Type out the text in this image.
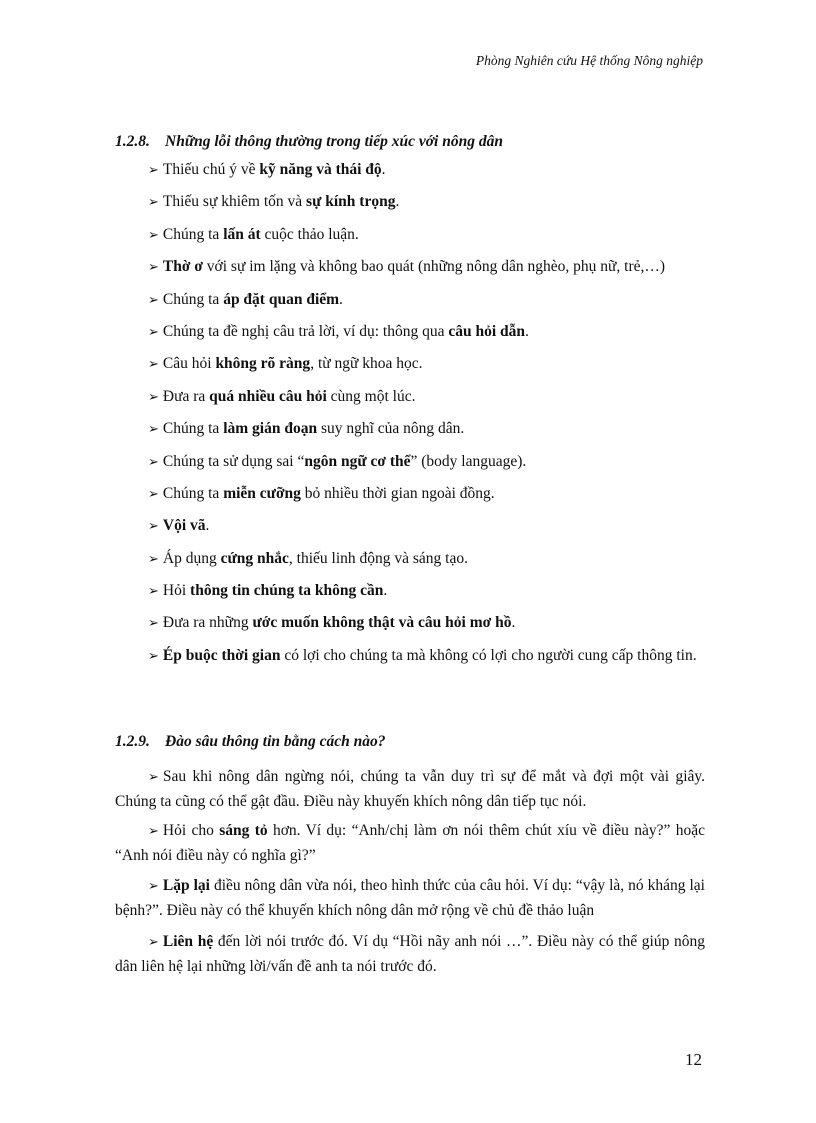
Phòng Nghiên cứu Hệ thống Nông nghiệp
1.2.8. Những lỗi thông thường trong tiếp xúc với nông dân
➢ Thiếu chú ý về kỹ năng và thái độ.
➢ Thiếu sự khiêm tốn và sự kính trọng.
➢ Chúng ta lấn át cuộc thảo luận.
➢ Thờ ơ với sự im lặng và không bao quát (những nông dân nghèo, phụ nữ, trẻ,…)
➢ Chúng ta áp đặt quan điểm.
➢ Chúng ta đề nghị câu trả lời, ví dụ: thông qua câu hỏi dẫn.
➢ Câu hỏi không rõ ràng, từ ngữ khoa học.
➢ Đưa ra quá nhiều câu hỏi cùng một lúc.
➢ Chúng ta làm gián đoạn suy nghĩ của nông dân.
➢ Chúng ta sử dụng sai “ngôn ngữ cơ thể” (body language).
➢ Chúng ta miễn cưỡng bỏ nhiều thời gian ngoài đồng.
➢ Vội vã.
➢ Áp dụng cứng nhắc, thiếu linh động và sáng tạo.
➢ Hỏi thông tin chúng ta không cần.
➢ Đưa ra những ước muốn không thật và câu hỏi mơ hồ.
➢ Ép buộc thời gian có lợi cho chúng ta mà không có lợi cho người cung cấp thông tin.
1.2.9. Đào sâu thông tin bằng cách nào?
➢ Sau khi nông dân ngừng nói, chúng ta vẫn duy trì sự để mắt và đợi một vài giây. Chúng ta cũng có thể gật đầu. Điều này khuyến khích nông dân tiếp tục nói.
➢ Hỏi cho sáng tỏ hơn. Ví dụ: “Anh/chị làm ơn nói thêm chút xíu về điều này?” hoặc “Anh nói điều này có nghĩa gì?”
➢ Lặp lại điều nông dân vừa nói, theo hình thức của câu hỏi. Ví dụ: “vậy là, nó kháng lại bệnh?”. Điều này có thể khuyến khích nông dân mở rộng về chủ đề thảo luận
➢ Liên hệ đến lời nói trước đó. Ví dụ “Hồi nãy anh nói …”. Điều này có thể giúp nông dân liên hệ lại những lời/vấn đề anh ta nói trước đó.
12
